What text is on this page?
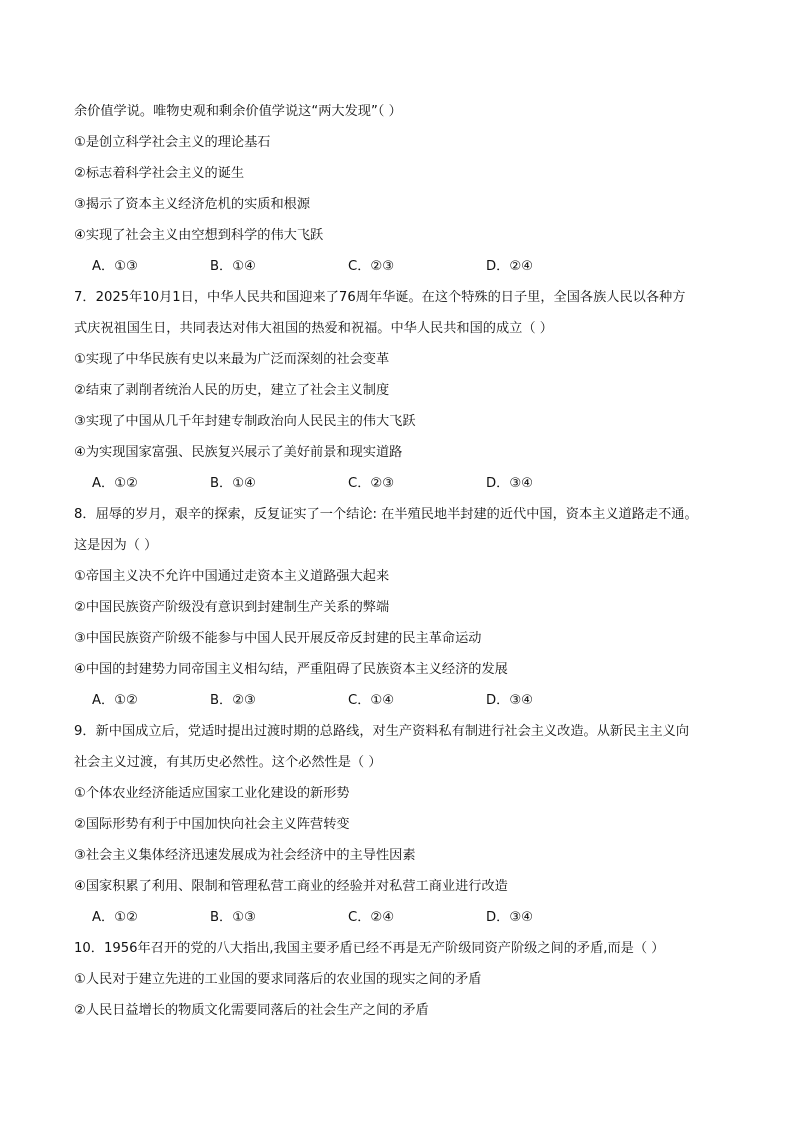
余价值学说。唯物史观和剩余价值学说这“两大发现”（ ）
①是创立科学社会主义的理论基石
②标志着科学社会主义的诞生
③揭示了资本主义经济危机的实质和根源
④实现了社会主义由空想到科学的伟大飞跃
A．①③	B．①④	C．②③	D．②④
7．2025年10月1日，中华人民共和国迎来了76周年华诞。在这个特殊的日子里，全国各族人民以各种方
式庆祝祖国生日，共同表达对伟大祖国的热爱和祝福。中华人民共和国的成立（ ）
①实现了中华民族有史以来最为广泛而深刻的社会变革
②结束了剥削者统治人民的历史，建立了社会主义制度
③实现了中国从几千年封建专制政治向人民民主的伟大飞跃
④为实现国家富强、民族复兴展示了美好前景和现实道路
A．①②	B．①④	C．②③	D．③④
8．屈辱的岁月，艰辛的探索，反复证实了一个结论: 在半殖民地半封建的近代中国，资本主义道路走不通。
这是因为（ ）
①帝国主义决不允许中国通过走资本主义道路强大起来
②中国民族资产阶级没有意识到封建制生产关系的弊端
③中国民族资产阶级不能参与中国人民开展反帝反封建的民主革命运动
④中国的封建势力同帝国主义相勾结，严重阻碍了民族资本主义经济的发展
A．①②	B．②③	C．①④	D．③④
9．新中国成立后，党适时提出过渡时期的总路线，对生产资料私有制进行社会主义改造。从新民主主义向
社会主义过渡，有其历史必然性。这个必然性是（ ）
①个体农业经济能适应国家工业化建设的新形势
②国际形势有利于中国加快向社会主义阵营转变
③社会主义集体经济迅速发展成为社会经济中的主导性因素
④国家积累了利用、限制和管理私营工商业的经验并对私营工商业进行改造
A．①②	B．①③	C．②④	D．③④
10．1956年召开的党的八大指出,我国主要矛盾已经不再是无产阶级同资产阶级之间的矛盾,而是（ ）
①人民对于建立先进的工业国的要求同落后的农业国的现实之间的矛盾
②人民日益增长的物质文化需要同落后的社会生产之间的矛盾
